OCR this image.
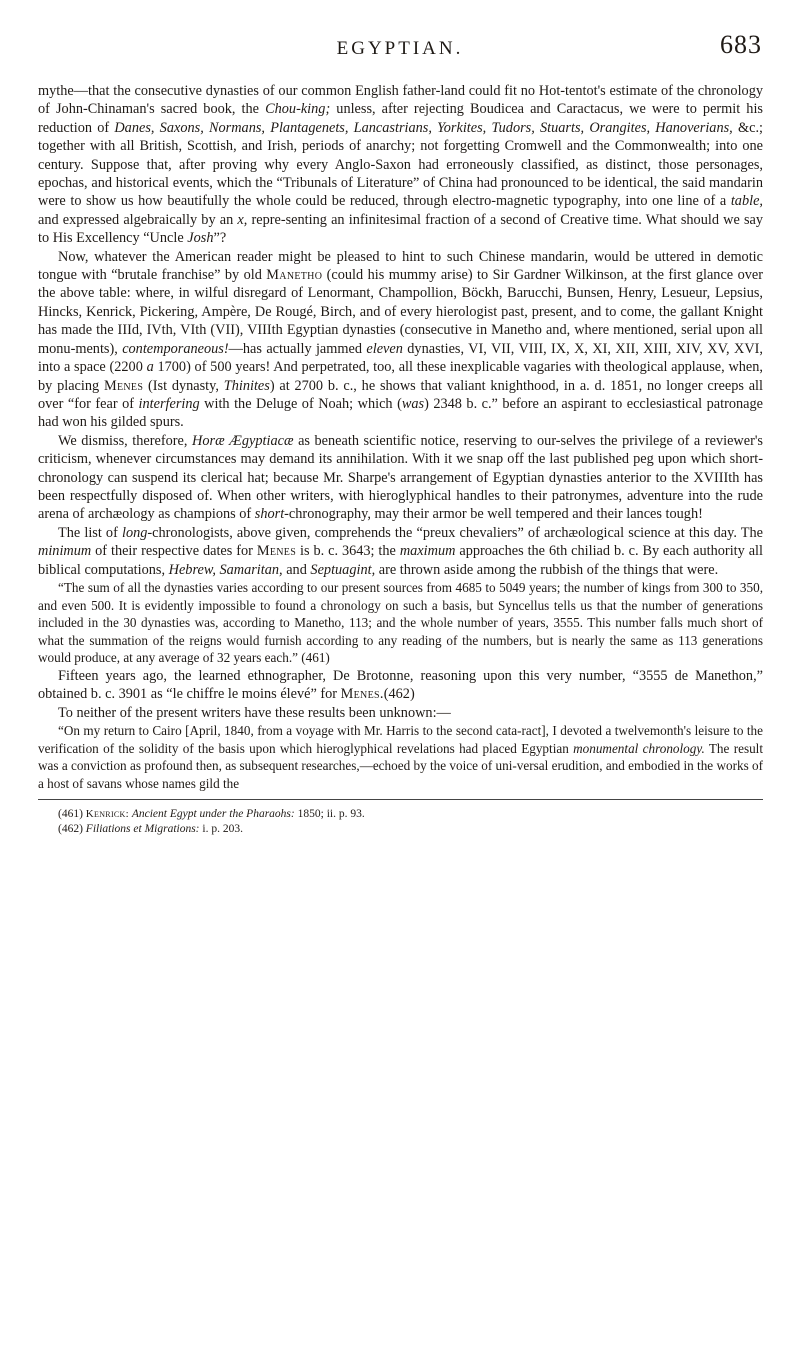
EGYPTIAN.	683

mythe—that the consecutive dynasties of our common English father-land could fit no Hot-tentot's estimate of the chronology of John-Chinaman's sacred book, the Chou-king; unless, after rejecting Boudicea and Caractacus, we were to permit his reduction of Danes, Saxons, Normans, Plantagenets, Lancastrians, Yorkites, Tudors, Stuarts, Orangites, Hanoverians, &c.; together with all British, Scottish, and Irish, periods of anarchy; not forgetting Cromwell and the Commonwealth; into one century. Suppose that, after proving why every Anglo-Saxon had erroneously classified, as distinct, those personages, epochas, and historical events, which the “Tribunals of Literature” of China had pronounced to be identical, the said mandarin were to show us how beautifully the whole could be reduced, through electro-magnetic typography, into one line of a table, and expressed algebraically by an x, repre-senting an infinitesimal fraction of a second of Creative time. What should we say to His Excellency “Uncle Josh”?

Now, whatever the American reader might be pleased to hint to such Chinese mandarin, would be uttered in demotic tongue with “brutale franchise” by old Manetho (could his mummy arise) to Sir Gardner Wilkinson, at the first glance over the above table: where, in wilful disregard of Lenormant, Champollion, Böckh, Barucchi, Bunsen, Henry, Lesueur, Lepsius, Hincks, Kenrick, Pickering, Ampère, De Rougé, Birch, and of every hierologist past, present, and to come, the gallant Knight has made the IIId, IVth, VIth (VII), VIIIth Egyptian dynasties (consecutive in Manetho and, where mentioned, serial upon all monu-ments), contemporaneous!—has actually jammed eleven dynasties, VI, VII, VIII, IX, X, XI, XII, XIII, XIV, XV, XVI, into a space (2200 a 1700) of 500 years! And perpetrated, too, all these inexplicable vagaries with theological applause, when, by placing Menes (Ist dynasty, Thinites) at 2700 b. c., he shows that valiant knighthood, in a. d. 1851, no longer creeps all over “for fear of interfering with the Deluge of Noah; which (was) 2348 b. c.” before an aspirant to ecclesiastical patronage had won his gilded spurs.

We dismiss, therefore, Horæ Ægyptiacæ as beneath scientific notice, reserving to our-selves the privilege of a reviewer's criticism, whenever circumstances may demand its annihilation. With it we snap off the last published peg upon which short-chronology can suspend its clerical hat; because Mr. Sharpe's arrangement of Egyptian dynasties anterior to the XVIIIth has been respectfully disposed of. When other writers, with hieroglyphical handles to their patronymes, adventure into the rude arena of archæology as champions of short-chronography, may their armor be well tempered and their lances tough!

The list of long-chronologists, above given, comprehends the “preux chevaliers” of archæological science at this day. The minimum of their respective dates for Menes is b. c. 3643; the maximum approaches the 6th chiliad b. c. By each authority all biblical computations, Hebrew, Samaritan, and Septuagint, are thrown aside among the rubbish of the things that were.

“The sum of all the dynasties varies according to our present sources from 4685 to 5049 years; the number of kings from 300 to 350, and even 500. It is evidently impossible to found a chronology on such a basis, but Syncellus tells us that the number of generations included in the 30 dynasties was, according to Manetho, 113; and the whole number of years, 3555. This number falls much short of what the summation of the reigns would furnish according to any reading of the numbers, but is nearly the same as 113 generations would produce, at any average of 32 years each.” (461)

Fifteen years ago, the learned ethnographer, De Brotonne, reasoning upon this very number, “3555 de Manethon,” obtained b. c. 3901 as “le chiffre le moins élevé” for Menes.(462)

To neither of the present writers have these results been unknown:—

“On my return to Cairo [April, 1840, from a voyage with Mr. Harris to the second cata-ract], I devoted a twelvemonth's leisure to the verification of the solidity of the basis upon which hieroglyphical revelations had placed Egyptian monumental chronology. The result was a conviction as profound then, as subsequent researches,—echoed by the voice of uni-versal erudition, and embodied in the works of a host of savans whose names gild the

(461) Kenrick: Ancient Egypt under the Pharaohs: 1850; ii. p. 93.

(462) Filiations et Migrations: i. p. 203.
